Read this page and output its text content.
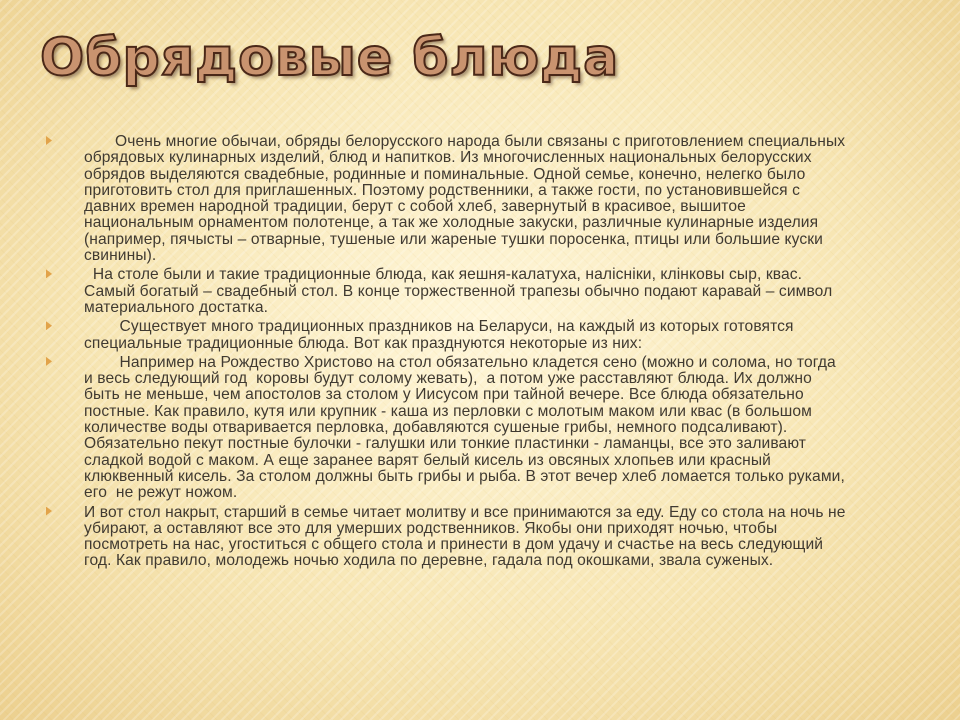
Обрядовые блюда
Очень многие обычаи, обряды белорусского народа были связаны с приготовлением специальных обрядовых кулинарных изделий, блюд и напитков. Из многочисленных национальных белорусских обрядов выделяются свадебные, родинные и поминальные. Одной семье, конечно, нелегко было приготовить стол для приглашенных. Поэтому родственники, а также гости, по установившейся с давних времен народной традиции, берут с собой хлеб, завернутый в красивое, вышитое национальным орнаментом полотенце, а так же холодные закуски, различные кулинарные изделия (например, пячысты – отварные, тушеные или жареные тушки поросенка, птицы или большие куски свинины).
На столе были и такие традиционные блюда, как яешня-калатуха, налісніки, клінковы сыр, квас. Самый богатый – свадебный стол. В конце торжественной трапезы обычно подают каравай – символ материального достатка.
Существует много традиционных праздников на Беларуси, на каждый из которых готовятся специальные традиционные блюда. Вот как празднуются некоторые из них:
Например на Рождество Христово на стол обязательно кладется сено (можно и солома, но тогда и весь следующий год  коровы будут солому жевать),  а потом уже расставляют блюда. Их должно быть не меньше, чем апостолов за столом у Иисусом при тайной вечере. Все блюда обязательно постные. Как правило, кутя или крупник - каша из перловки с молотым маком или квас (в большом количестве воды отваривается перловка, добавляются сушеные грибы, немного подсаливают). Обязательно пекут постные булочки - галушки или тонкие пластинки - ламанцы, все это заливают сладкой водой с маком. А еще заранее варят белый кисель из овсяных хлопьев или красный клюквенный кисель. За столом должны быть грибы и рыба. В этот вечер хлеб ломается только руками, его  не режут ножом.
И вот стол накрыт, старший в семье читает молитву и все принимаются за еду. Еду со стола на ночь не убирают, а оставляют все это для умерших родственников. Якобы они приходят ночью, чтобы посмотреть на нас, угоститься с общего стола и принести в дом удачу и счастье на весь следующий год. Как правило, молодежь ночью ходила по деревне, гадала под окошками, звала суженых.
